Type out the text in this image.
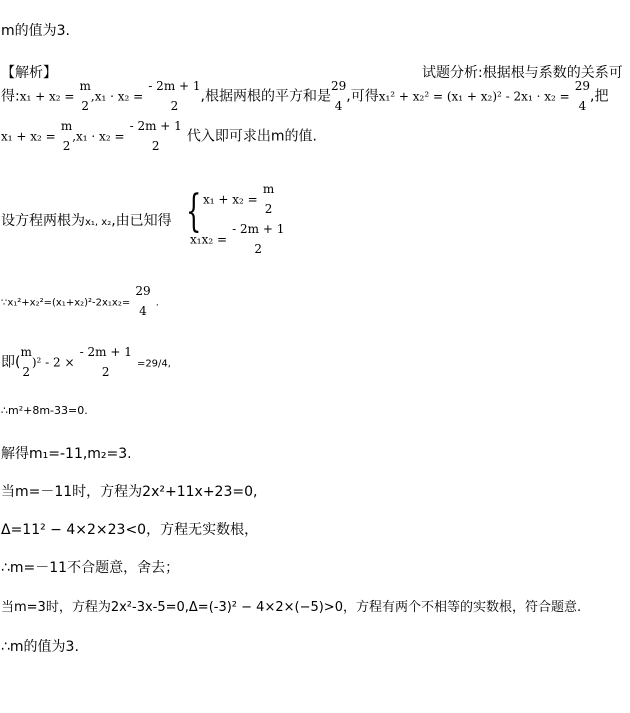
m的值为3.
【解析】	试题分析:根据根与系数的关系可
得:x₁ + x₂ =
m
2
,x₁ · x₂ =
- 2m + 1
2
,根据两根的平方和是
29
4
,可得x₁² + x₂² = (x₁ + x₂)² - 2x₁ · x₂ =
29
4
,把
x₁ + x₂ =
m
2
,x₁ · x₂ =
- 2m + 1
2
代入即可求出m的值.
设方程两根为x₁, x₂,由已知得 { x₁ + x₂ =
m
2
x₁x₂ =
- 2m + 1
2
∵x₁²+x₂²=(x₁+x₂)²-2x₁x₂=
29
4
.
即(
m
2
)² - 2 ×
- 2m + 1
2
=29/4,
∴m²+8m-33=0.
解得m₁=-11,m₂=3.
当m=－11时，方程为2x²+11x+23=0,
Δ=11² − 4×2×23<0，方程无实数根，
∴m=－11不合题意，舍去；
当m=3时，方程为2x²-3x-5=0,Δ=(-3)² − 4×2×(−5)>0，方程有两个不相等的实数根，符合题意.
∴m的值为3.
